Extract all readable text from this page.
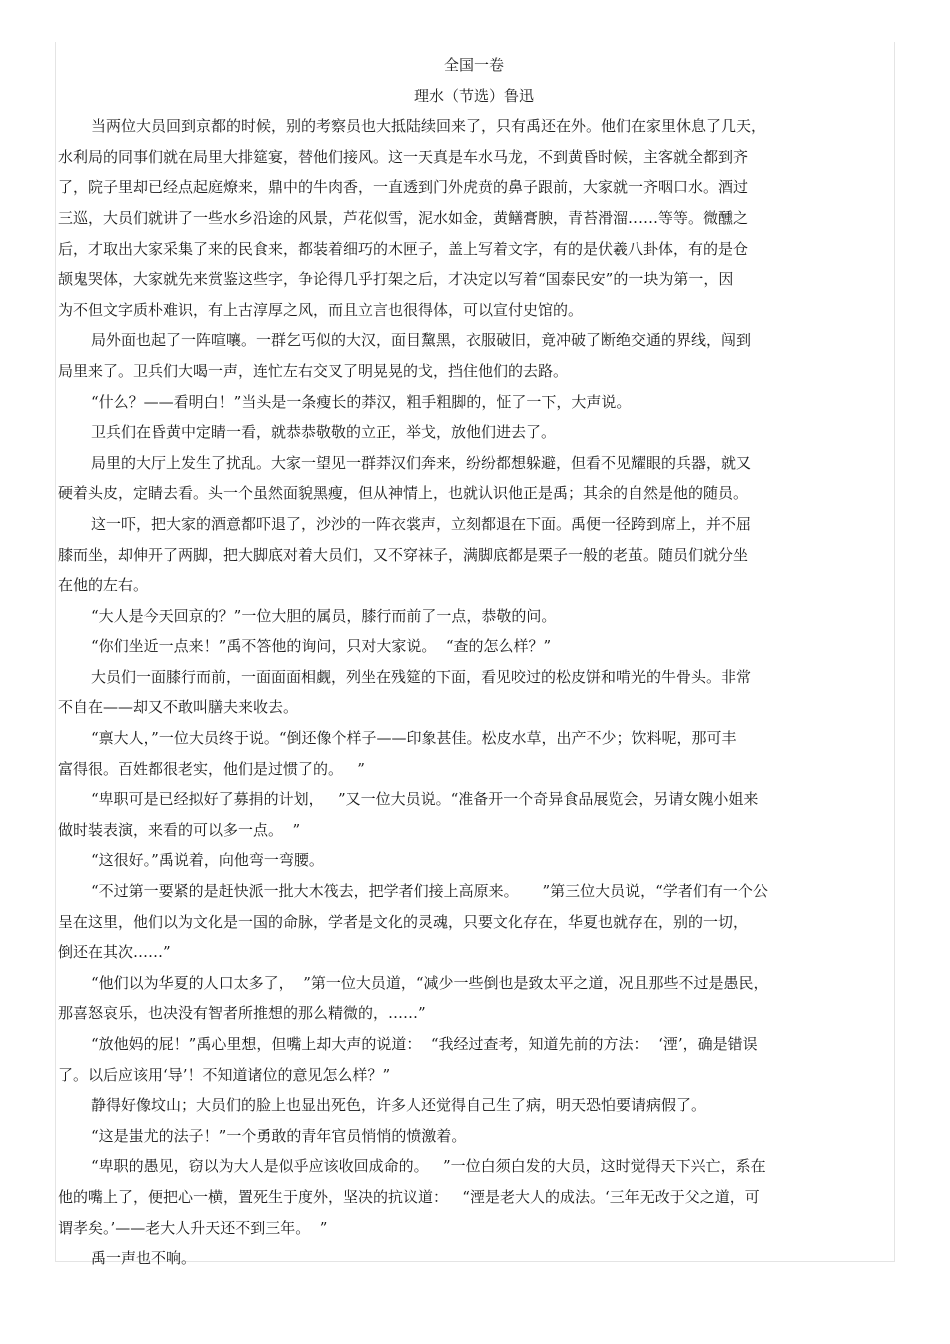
全国一卷

理水（节选）鲁迅

当两位大员回到京都的时候，别的考察员也大抵陆续回来了，只有禹还在外。他们在家里休息了几天，

水利局的同事们就在局里大排筵宴，替他们接风。这一天真是车水马龙，不到黄昏时候，主客就全都到齐

了，院子里却已经点起庭燎来，鼎中的牛肉香，一直透到门外虎贲的鼻子跟前，大家就一齐咽口水。酒过

三巡，大员们就讲了一些水乡沿途的风景，芦花似雪，泥水如金，黄鳝膏腴，青苔滑溜……等等。微醺之

后，才取出大家采集了来的民食来，都装着细巧的木匣子，盖上写着文字，有的是伏羲八卦体，有的是仓

颉鬼哭体，大家就先来赏鉴这些字，争论得几乎打架之后，才决定以写着“国泰民安”的一块为第一，因

为不但文字质朴难识，有上古淳厚之风，而且立言也很得体，可以宣付史馆的。

局外面也起了一阵喧嚷。一群乞丐似的大汉，面目黧黑，衣服破旧，竟冲破了断绝交通的界线，闯到

局里来了。卫兵们大喝一声，连忙左右交叉了明晃晃的戈，挡住他们的去路。

“什么？——看明白！”当头是一条瘦长的莽汉，粗手粗脚的，怔了一下，大声说。

卫兵们在昏黄中定睛一看，就恭恭敬敬的立正，举戈，放他们进去了。

局里的大厅上发生了扰乱。大家一望见一群莽汉们奔来，纷纷都想躲避，但看不见耀眼的兵器，就又

硬着头皮，定睛去看。头一个虽然面貌黑瘦，但从神情上，也就认识他正是禹；其余的自然是他的随员。

这一吓，把大家的酒意都吓退了，沙沙的一阵衣裳声，立刻都退在下面。禹便一径跨到席上，并不屈

膝而坐，却伸开了两脚，把大脚底对着大员们，又不穿袜子，满脚底都是栗子一般的老茧。随员们就分坐

在他的左右。

“大人是今天回京的？”一位大胆的属员，膝行而前了一点，恭敬的问。

“你们坐近一点来！”禹不答他的询问，只对大家说。  “查的怎么样？”

大员们一面膝行而前，一面面面相觑，列坐在残筵的下面，看见咬过的松皮饼和啃光的牛骨头。非常

不自在——却又不敢叫膳夫来收去。

“禀大人，”一位大员终于说。“倒还像个样子——印象甚佳。松皮水草，出产不少；饮料呢，那可丰

富得很。百姓都很老实，他们是过惯了的。   ”

“卑职可是已经拟好了募捐的计划，   ”又一位大员说。“准备开一个奇异食品展览会，另请女隗小姐来

做时装表演，来看的可以多一点。  ”

“这很好。”禹说着，向他弯一弯腰。

“不过第一要紧的是赶快派一批大木筏去，把学者们接上高原来。     ”第三位大员说，“学者们有一个公

呈在这里，他们以为文化是一国的命脉，学者是文化的灵魂，只要文化存在，华夏也就存在，别的一切，

倒还在其次……”

“他们以为华夏的人口太多了，  ”第一位大员道，“减少一些倒也是致太平之道，况且那些不过是愚民，

那喜怒哀乐，也决没有智者所推想的那么精微的，……”

“放他妈的屁！”禹心里想，但嘴上却大声的说道：  “我经过查考，知道先前的方法：  ‘湮’，确是错误

了。以后应该用‘导’！不知道诸位的意见怎么样？”

静得好像坟山；大员们的脸上也显出死色，许多人还觉得自己生了病，明天恐怕要请病假了。

“这是蚩尤的法子！”一个勇敢的青年官员悄悄的愤激着。

“卑职的愚见，窃以为大人是似乎应该收回成命的。   ”一位白须白发的大员，这时觉得天下兴亡，系在

他的嘴上了，便把心一横，置死生于度外，坚决的抗议道：   “湮是老大人的成法。‘三年无改于父之道，可

谓孝矣。’——老大人升天还不到三年。  ”

禹一声也不响。
